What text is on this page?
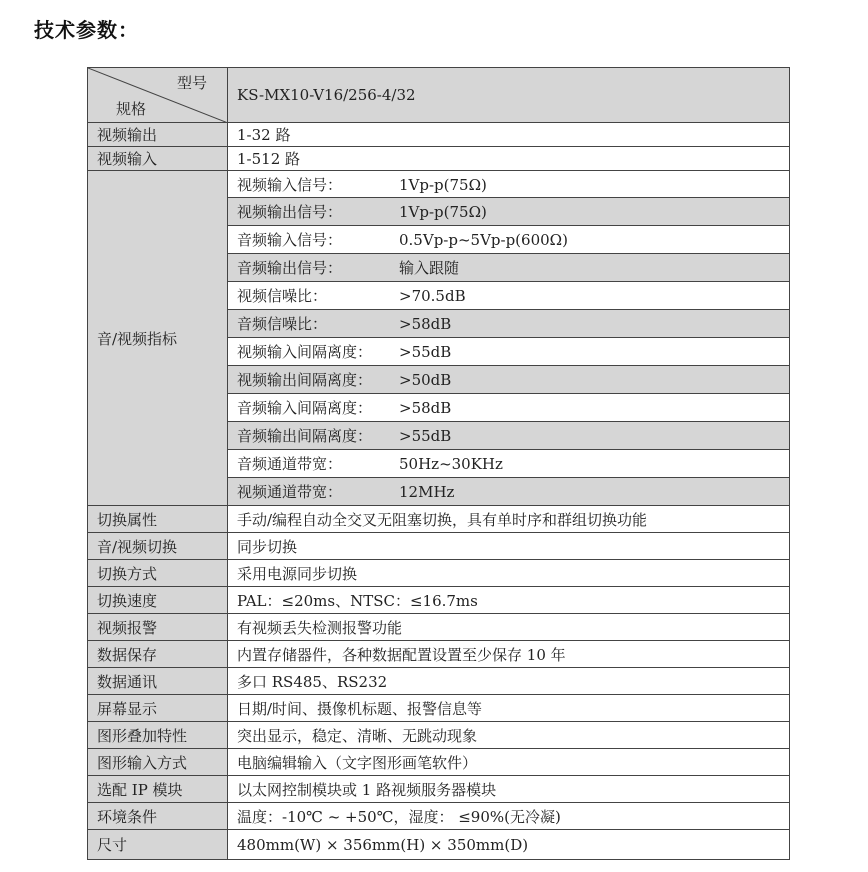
技术参数：
型号
规格	KS-MX10-V16/256-4/32
视频输出	1-32 路
视频输入	1-512 路
音/视频指标	视频输入信号： 1Vp-p(75Ω)
	视频输出信号： 1Vp-p(75Ω)
	音频输入信号： 0.5Vp-p~5Vp-p(600Ω)
	音频输出信号： 输入跟随
	视频信噪比： >70.5dB
	音频信噪比： >58dB
	视频输入间隔离度： >55dB
	视频输出间隔离度： >50dB
	音频输入间隔离度： >58dB
	音频输出间隔离度： >55dB
	音频通道带宽： 50Hz~30KHz
	视频通道带宽： 12MHz
切换属性	手动/编程自动全交叉无阻塞切换，具有单时序和群组切换功能
音/视频切换	同步切换
切换方式	采用电源同步切换
切换速度	PAL：≤20ms、NTSC：≤16.7ms
视频报警	有视频丢失检测报警功能
数据保存	内置存储器件，各种数据配置设置至少保存 10 年
数据通讯	多口 RS485、RS232
屏幕显示	日期/时间、摄像机标题、报警信息等
图形叠加特性	突出显示，稳定、清晰、无跳动现象
图形输入方式	电脑编辑输入（文字图形画笔软件）
选配 IP 模块	以太网控制模块或 1 路视频服务器模块
环境条件	温度：-10℃ ~ +50℃，湿度： ≤90%(无冷凝)
尺寸	480mm(W) × 356mm(H) × 350mm(D)
